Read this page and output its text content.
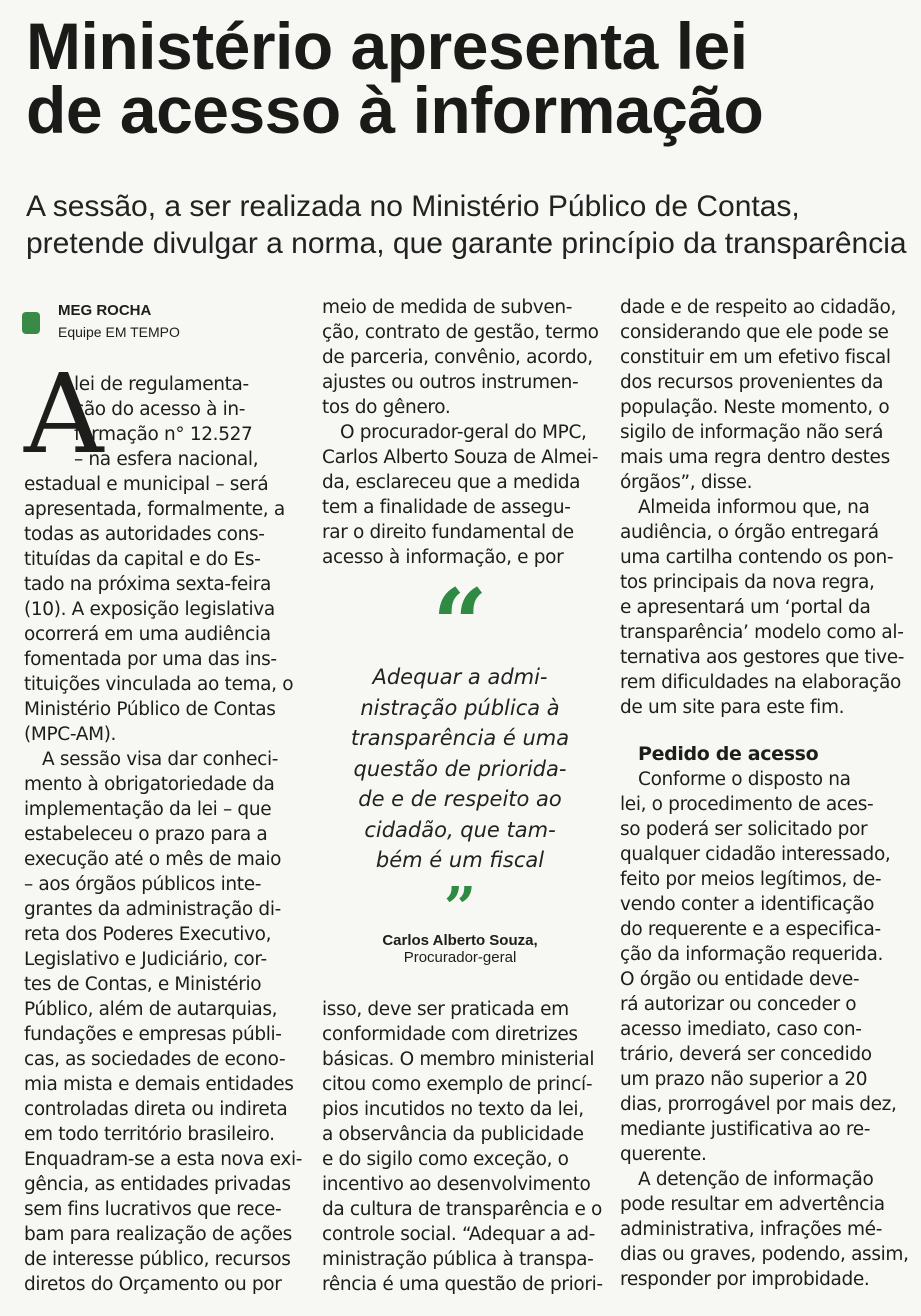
Ministério apresenta lei
de acesso à informação
A sessão, a ser realizada no Ministério Público de Contas,
pretende divulgar a norma, que garante princípio da transparência
MEG ROCHA
Equipe EM TEMPO
A
lei de regulamenta-
ção do acesso à in-
formação n° 12.527
– na esfera nacional,
estadual e municipal – será
apresentada, formalmente, a
todas as autoridades cons-
tituídas da capital e do Es-
tado na próxima sexta-feira
(10). A exposição legislativa
ocorrerá em uma audiência
fomentada por uma das ins-
tituições vinculada ao tema, o
Ministério Público de Contas
(MPC-AM).
A sessão visa dar conheci-
mento à obrigatoriedade da
implementação da lei – que
estabeleceu o prazo para a
execução até o mês de maio
– aos órgãos públicos inte-
grantes da administração di-
reta dos Poderes Executivo,
Legislativo e Judiciário, cor-
tes de Contas, e Ministério
Público, além de autarquias,
fundações e empresas públi-
cas, as sociedades de econo-
mia mista e demais entidades
controladas direta ou indireta
em todo território brasileiro.
Enquadram-se a esta nova exi-
gência, as entidades privadas
sem fins lucrativos que rece-
bam para realização de ações
de interesse público, recursos
diretos do Orçamento ou por
meio de medida de subven-
ção, contrato de gestão, termo
de parceria, convênio, acordo,
ajustes ou outros instrumen-
tos do gênero.
O procurador-geral do MPC,
Carlos Alberto Souza de Almei-
da, esclareceu que a medida
tem a finalidade de assegu-
rar o direito fundamental de
acesso à informação, e por
“
Adequar a admi-
nistração pública à
transparência é uma
questão de priorida-
de e de respeito ao
cidadão, que tam-
bém é um fiscal
”
Carlos Alberto Souza,
Procurador-geral
isso, deve ser praticada em
conformidade com diretrizes
básicas. O membro ministerial
citou como exemplo de princí-
pios incutidos no texto da lei,
a observância da publicidade
e do sigilo como exceção, o
incentivo ao desenvolvimento
da cultura de transparência e o
controle social. “Adequar a ad-
ministração pública à transpa-
rência é uma questão de priori-
dade e de respeito ao cidadão,
considerando que ele pode se
constituir em um efetivo fiscal
dos recursos provenientes da
população. Neste momento, o
sigilo de informação não será
mais uma regra dentro destes
órgãos”, disse.
Almeida informou que, na
audiência, o órgão entregará
uma cartilha contendo os pon-
tos principais da nova regra,
e apresentará um ‘portal da
transparência’ modelo como al-
ternativa aos gestores que tive-
rem dificuldades na elaboração
de um site para este fim.
Pedido de acesso
Conforme o disposto na
lei, o procedimento de aces-
so poderá ser solicitado por
qualquer cidadão interessado,
feito por meios legítimos, de-
vendo conter a identificação
do requerente e a especifica-
ção da informação requerida.
O órgão ou entidade deve-
rá autorizar ou conceder o
acesso imediato, caso con-
trário, deverá ser concedido
um prazo não superior a 20
dias, prorrogável por mais dez,
mediante justificativa ao re-
querente.
A detenção de informação
pode resultar em advertência
administrativa, infrações mé-
dias ou graves, podendo, assim,
responder por improbidade.
